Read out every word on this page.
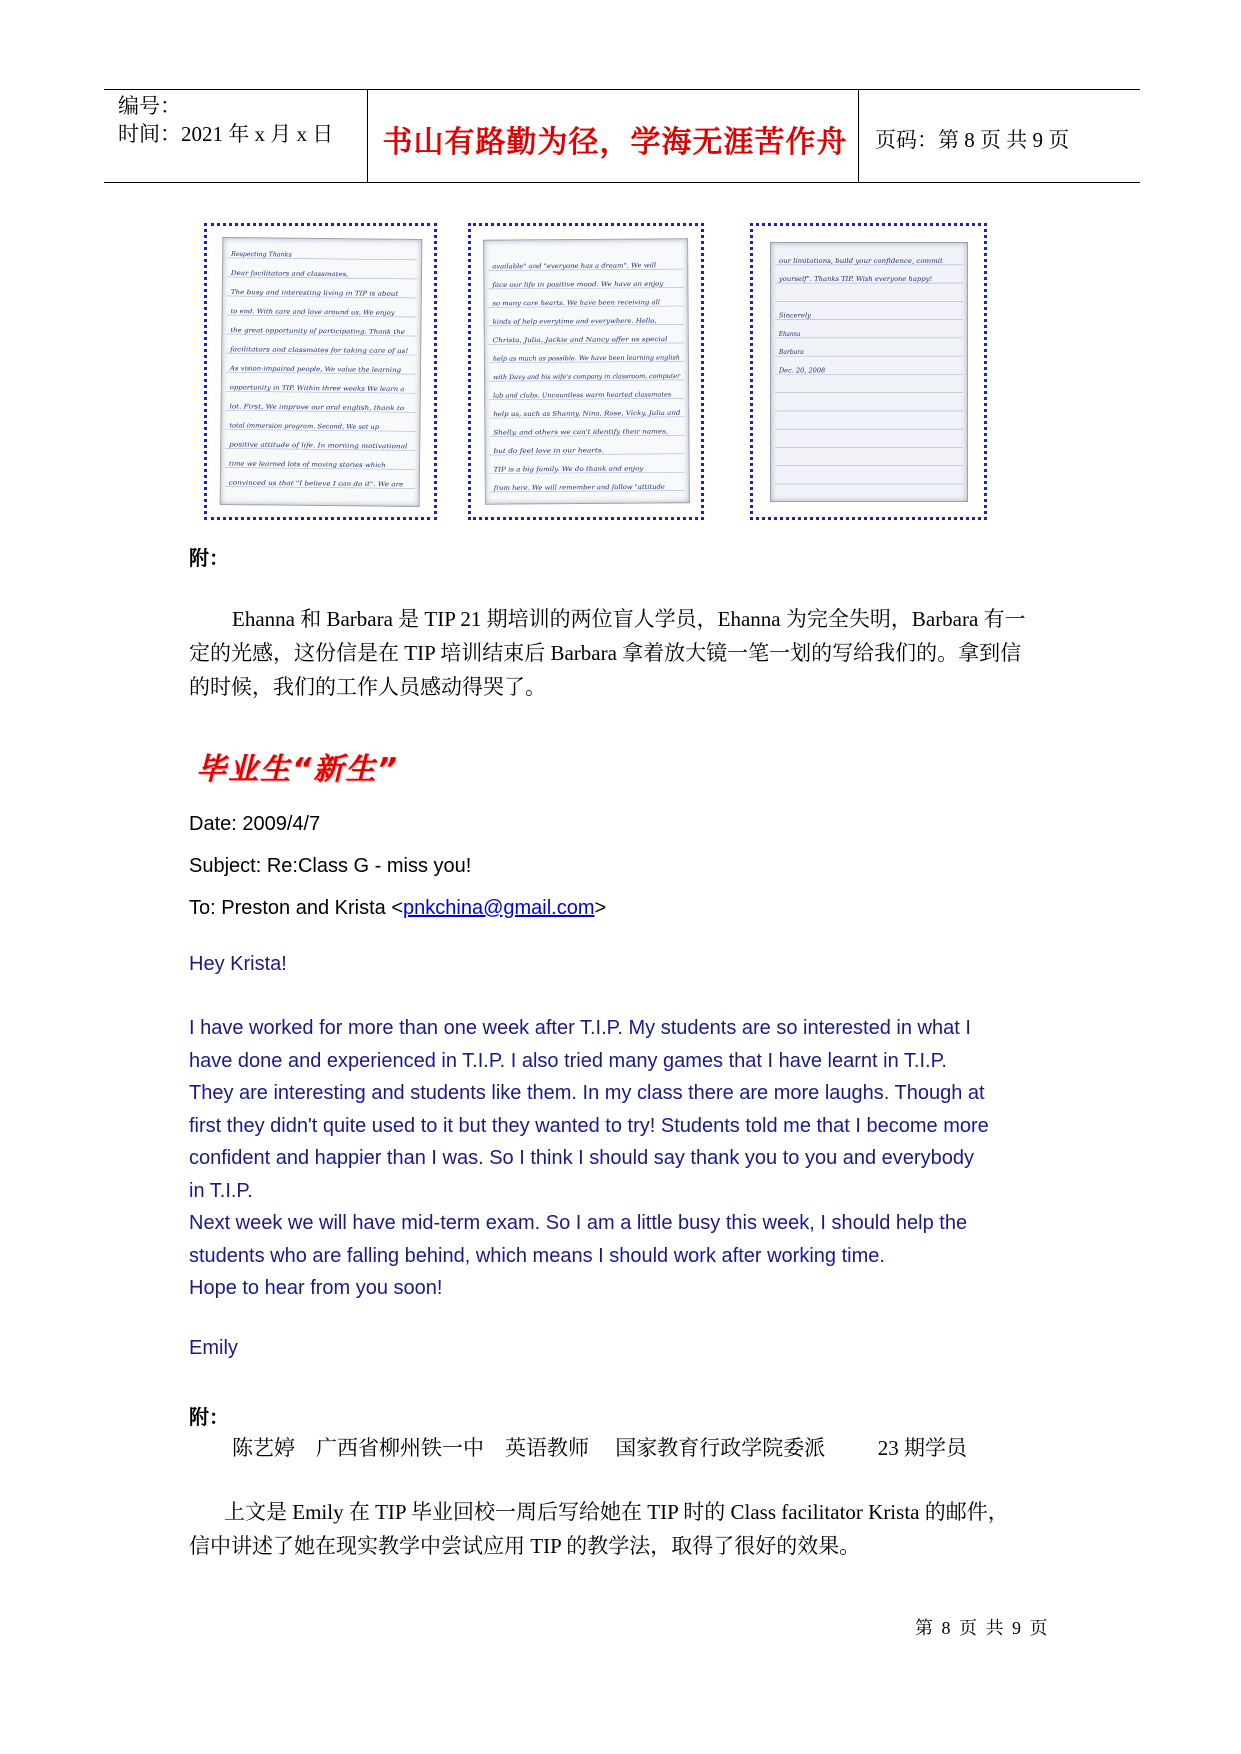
编号：
时间：2021 年 x 月 x 日	书山有路勤为径，学海无涯苦作舟	页码：第 8 页 共 9 页
Respecting Thanks
Dear facilitators and classmates,
The busy and interesting living in TIP is about
to end. With care and love around us, We enjoy
the great opportunity of participating. Thank the
facilitators and classmates for taking care of us!
As vision-impaired people, We value the learning
opportunity in TIP. Within three weeks We learn a
lot. First, We improve our oral english, thank to
total immersion program. Second, We set up
positive attitude of life. In morning motivational
time we learned lots of moving stories which
convinced us that "I believe I can do it". We are
available" and "everyone has a dream". We will
face our life in positive mood. We have an enjoy
so many care hearts. We have been receiving all
kinds of help everytime and everywhere. Hello,
Christa, Julia, Jackie and Nancy offer us special
help as much as possible. We have been learning english
with Davy and his wife's company in classroom, computer
lab and clubs. Uncountless warm hearted classmates
help us, such as Shanny, Nina, Rose, Vicky, Julia and
Shelly, and others we can't identify their names,
but do feel love in our hearts.
TIP is a big family. We do thank and enjoy
from here. We will remember and follow "attitude
our limitations, build your confidence, commit
yourself". Thanks TIP. Wish everyone happy!
Sincerely
Ehanna
Barbara
Dec. 20, 2008
附：
Ehanna 和 Barbara 是 TIP 21 期培训的两位盲人学员，Ehanna 为完全失明，Barbara 有一
定的光感，这份信是在 TIP 培训结束后 Barbara 拿着放大镜一笔一划的写给我们的。拿到信
的时候，我们的工作人员感动得哭了。
毕业生“新生”
Date: 2009/4/7
Subject: Re:Class G - miss you!
To: Preston and Krista <pnkchina@gmail.com>
Hey Krista!

I have worked for more than one week after T.I.P. My students are so interested in what I

have done and experienced in T.I.P. I also tried many games that I have learnt in T.I.P.

They are interesting and students like them. In my class there are more laughs. Though at

first they didn't quite used to it but they wanted to try! Students told me that I become more

confident and happier than I was. So I think I should say thank you to you and everybody

in T.I.P.

Next week we will have mid-term exam. So I am a little busy this week, I should help the

students who are falling behind, which means I should work after working time.

Hope to hear from you soon!

Emily
附：
陈艺婷    广西省柳州铁一中    英语教师     国家教育行政学院委派          23 期学员
上文是 Emily 在 TIP 毕业回校一周后写给她在 TIP 时的 Class facilitator Krista 的邮件，
信中讲述了她在现实教学中尝试应用 TIP 的教学法，取得了很好的效果。
第 8 页 共 9 页
